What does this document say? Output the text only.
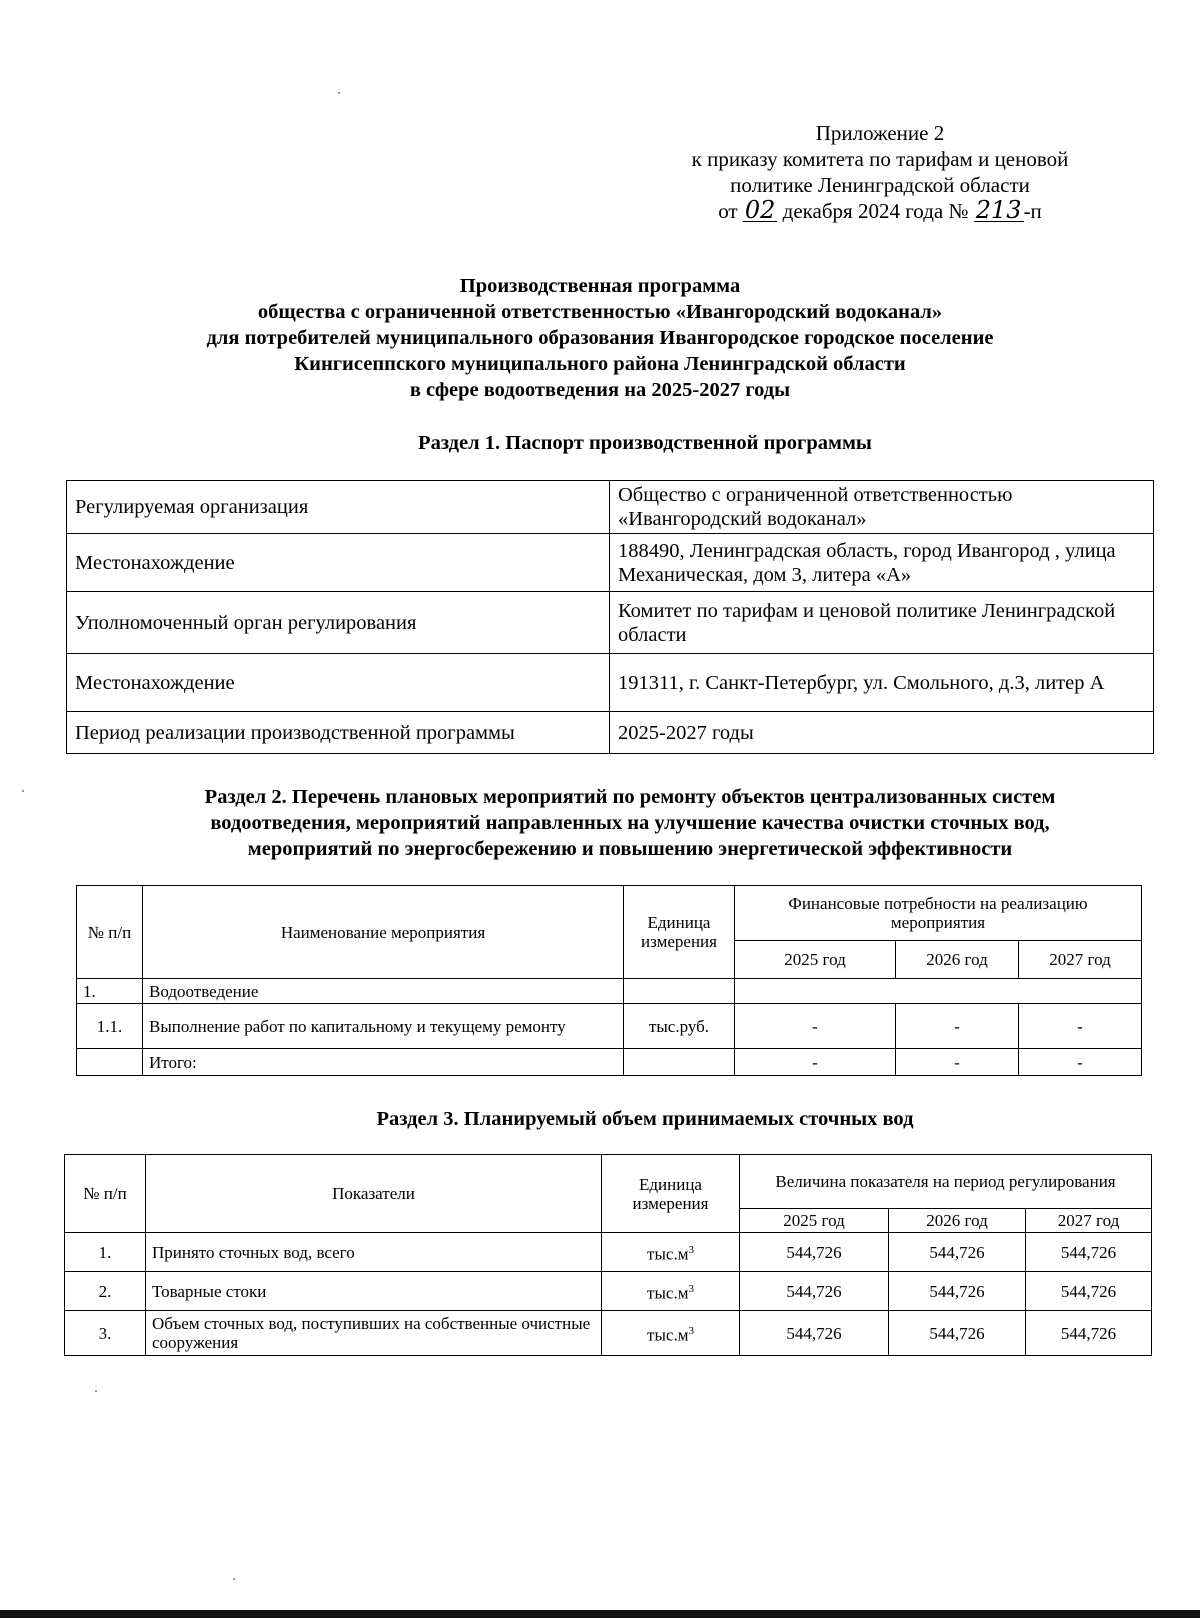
Приложение 2
к приказу комитета по тарифам и ценовой
политике Ленинградской области
от 02 декабря 2024 года № 213-п
Производственная программа
общества с ограниченной ответственностью «Ивангородский водоканал»
для потребителей муниципального образования Ивангородское городское поселение
Кингисеппского муниципального района Ленинградской области
в сфере водоотведения на 2025-2027 годы
Раздел 1. Паспорт производственной программы
Регулируемая организация	Общество с ограниченной ответственностью «Ивангородский водоканал»
Местонахождение	188490, Ленинградская область, город Ивангород , улица Механическая, дом 3, литера «А»
Уполномоченный орган регулирования	Комитет по тарифам и ценовой политике Ленинградской области
Местонахождение	191311, г. Санкт-Петербург, ул. Смольного, д.3, литер А
Период реализации производственной программы	2025-2027 годы
Раздел 2. Перечень плановых мероприятий по ремонту объектов централизованных систем
водоотведения, мероприятий направленных на улучшение качества очистки сточных вод,
мероприятий по энергосбережению и повышению энергетической эффективности
№ п/п	Наименование мероприятия	Единица измерения	Финансовые потребности на реализацию мероприятия		
			2025 год	2026 год	2027 год
1.	Водоотведение				
1.1.	Выполнение работ по капитальному и текущему ремонту	тыс.руб.	-	-	-
	Итого:		-	-	-
Раздел 3. Планируемый объем принимаемых сточных вод
№ п/п	Показатели	Единица измерения	Величина показателя на период регулирования		
			2025 год	2026 год	2027 год
1.	Принято сточных вод, всего	$тыс.м^3$	544,726	544,726	544,726
2.	Товарные стоки	$тыс.м^3$	544,726	544,726	544,726
3.	Объем сточных вод, поступивших на собственные очистные сооружения	$тыс.м^3$	544,726	544,726	544,726
